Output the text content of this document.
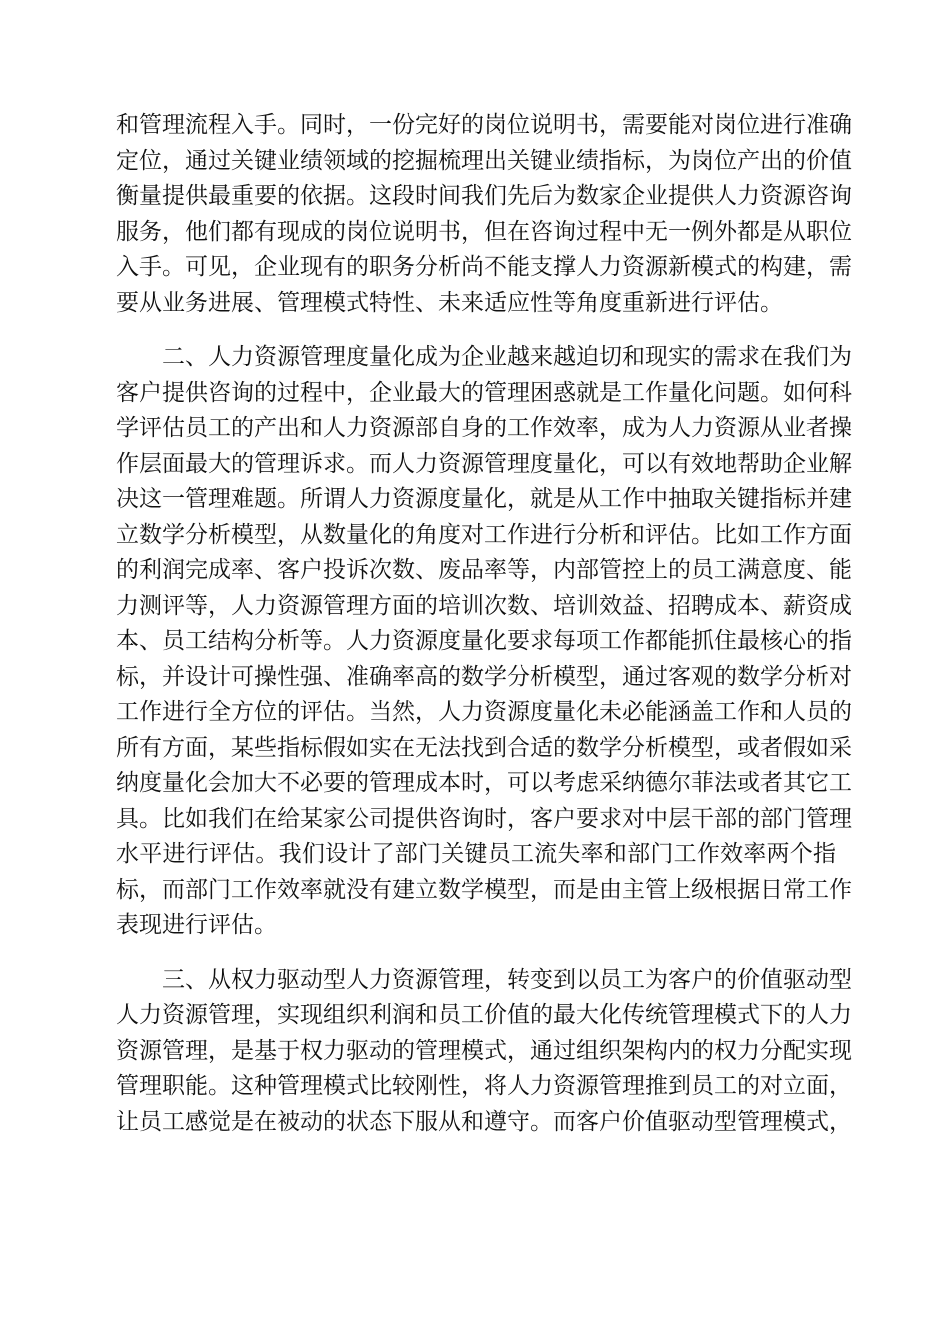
和管理流程入手。同时，一份完好的岗位说明书，需要能对岗位进行准确
定位，通过关键业绩领域的挖掘梳理出关键业绩指标，为岗位产出的价值
衡量提供最重要的依据。这段时间我们先后为数家企业提供人力资源咨询
服务，他们都有现成的岗位说明书，但在咨询过程中无一例外都是从职位
入手。可见，企业现有的职务分析尚不能支撑人力资源新模式的构建，需
要从业务进展、管理模式特性、未来适应性等角度重新进行评估。

二、人力资源管理度量化成为企业越来越迫切和现实的需求在我们为
客户提供咨询的过程中，企业最大的管理困惑就是工作量化问题。如何科
学评估员工的产出和人力资源部自身的工作效率，成为人力资源从业者操
作层面最大的管理诉求。而人力资源管理度量化，可以有效地帮助企业解
决这一管理难题。所谓人力资源度量化，就是从工作中抽取关键指标并建
立数学分析模型，从数量化的角度对工作进行分析和评估。比如工作方面
的利润完成率、客户投诉次数、废品率等，内部管控上的员工满意度、能
力测评等，人力资源管理方面的培训次数、培训效益、招聘成本、薪资成
本、员工结构分析等。人力资源度量化要求每项工作都能抓住最核心的指
标，并设计可操性强、准确率高的数学分析模型，通过客观的数学分析对
工作进行全方位的评估。当然，人力资源度量化未必能涵盖工作和人员的
所有方面，某些指标假如实在无法找到合适的数学分析模型，或者假如采
纳度量化会加大不必要的管理成本时，可以考虑采纳德尔菲法或者其它工
具。比如我们在给某家公司提供咨询时，客户要求对中层干部的部门管理
水平进行评估。我们设计了部门关键员工流失率和部门工作效率两个指
标，而部门工作效率就没有建立数学模型，而是由主管上级根据日常工作
表现进行评估。

三、从权力驱动型人力资源管理，转变到以员工为客户的价值驱动型
人力资源管理，实现组织利润和员工价值的最大化传统管理模式下的人力
资源管理，是基于权力驱动的管理模式，通过组织架构内的权力分配实现
管理职能。这种管理模式比较刚性，将人力资源管理推到员工的对立面，
让员工感觉是在被动的状态下服从和遵守。而客户价值驱动型管理模式，
